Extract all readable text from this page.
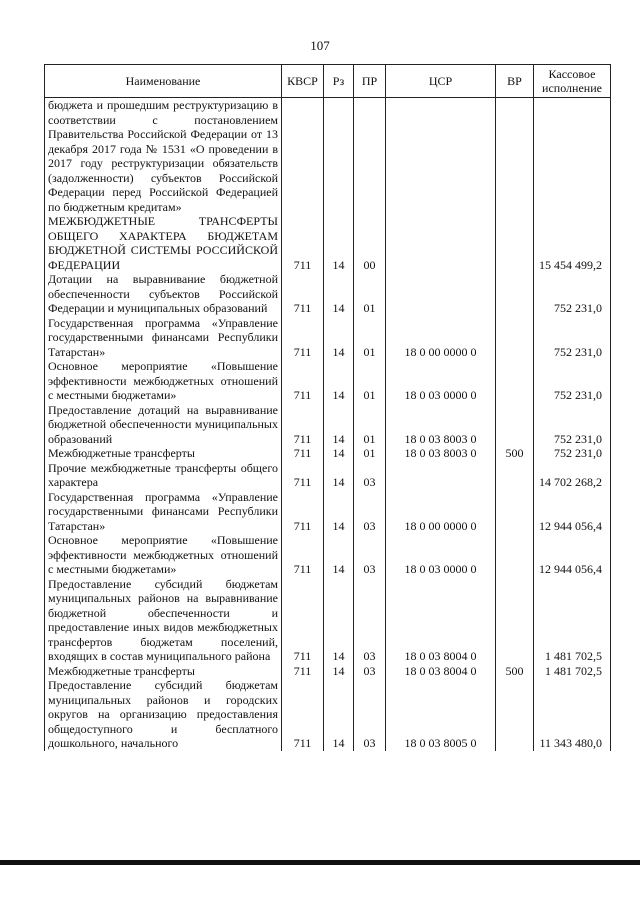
107
Наименование	КВСР	Рз	ПР	ЦСР	ВР	Кассовое исполнение
бюджета и прошедшим реструктуризацию в соответствии с постановлением Правительства Российской Федерации от 13 декабря 2017 года № 1531 «О проведении в 2017 году реструктуризации обязательств (задолженности) субъектов Российской Федерации перед Российской Федерацией по бюджетным кредитам»						
МЕЖБЮДЖЕТНЫЕ ТРАНСФЕРТЫ ОБЩЕГО ХАРАКТЕРА БЮДЖЕТАМ БЮДЖЕТНОЙ СИСТЕМЫ РОССИЙСКОЙ ФЕДЕРАЦИИ	711	14	00			15 454 499,2
Дотации на выравнивание бюджетной обеспеченности субъектов Российской Федерации и муниципальных образований	711	14	01			752 231,0
Государственная программа «Управление государственными финансами Республики Татарстан»	711	14	01	18 0 00 0000 0		752 231,0
Основное мероприятие «Повышение эффективности межбюджетных отношений с местными бюджетами»	711	14	01	18 0 03 0000 0		752 231,0
Предоставление дотаций на выравнивание бюджетной обеспеченности муниципальных образований	711	14	01	18 0 03 8003 0		752 231,0
Межбюджетные трансферты	711	14	01	18 0 03 8003 0	500	752 231,0
Прочие межбюджетные трансферты общего характера	711	14	03			14 702 268,2
Государственная программа «Управление государственными финансами Республики Татарстан»	711	14	03	18 0 00 0000 0		12 944 056,4
Основное мероприятие «Повышение эффективности межбюджетных отношений с местными бюджетами»	711	14	03	18 0 03 0000 0		12 944 056,4
Предоставление субсидий бюджетам муниципальных районов на выравнивание бюджетной обеспеченности и предоставление иных видов межбюджетных трансфертов бюджетам поселений, входящих в состав муниципального района	711	14	03	18 0 03 8004 0		1 481 702,5
Межбюджетные трансферты	711	14	03	18 0 03 8004 0	500	1 481 702,5
Предоставление субсидий бюджетам муниципальных районов и городских округов на организацию предоставления общедоступного и бесплатного дошкольного, начального	711	14	03	18 0 03 8005 0		11 343 480,0
